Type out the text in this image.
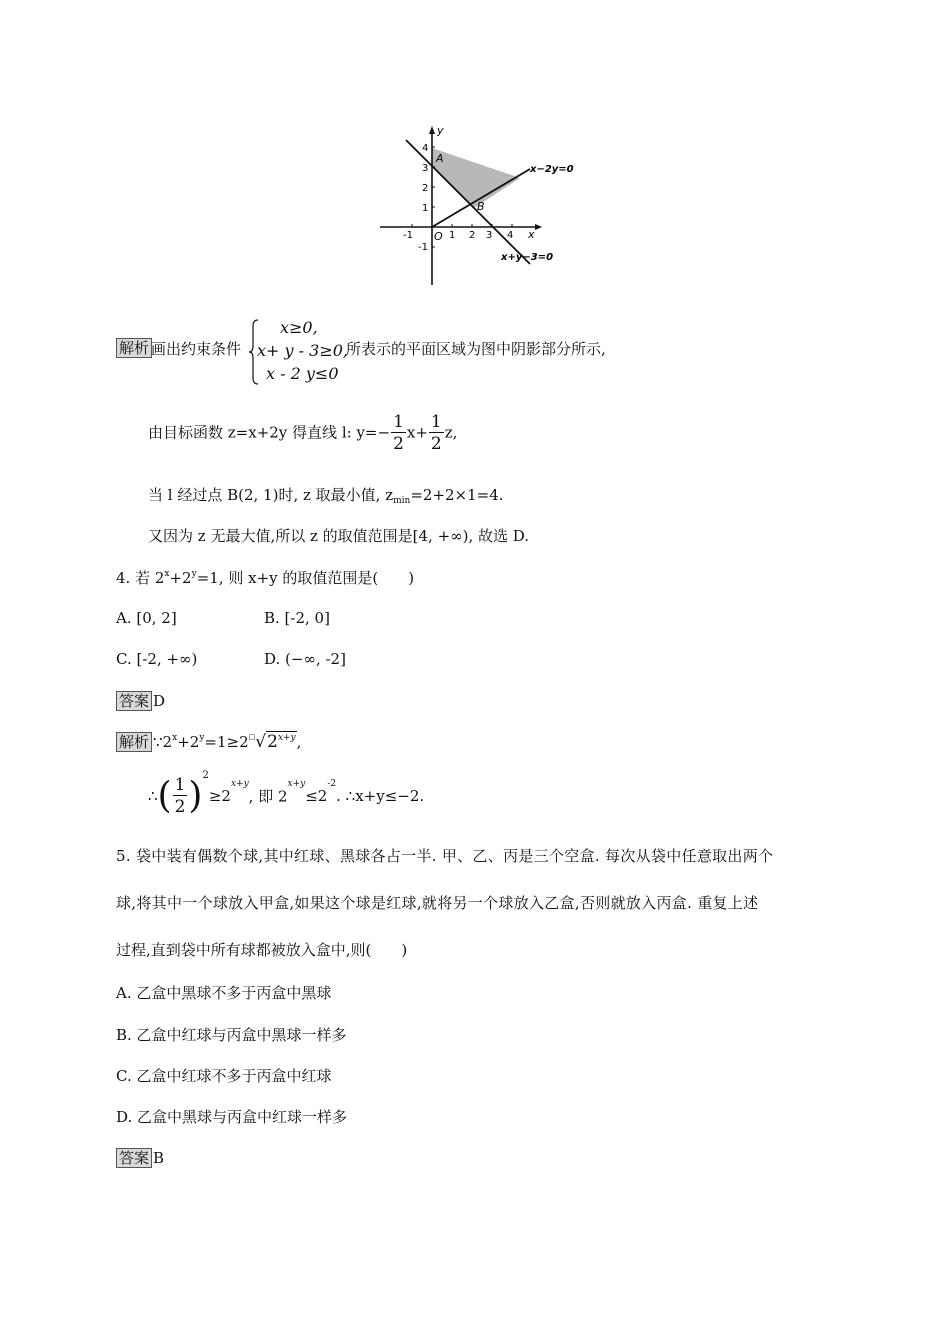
y
x
O
-1	1 2 3 4
4
3
2
1
-1
A
B
x−2y=0
x+y−3=0
解析 画出约束条件
x≥0,
x+ y - 3≥0,
x - 2 y≤0
所表示的平面区域为图中阴影部分所示,
由目标函数 z=x+2y 得直线 l: $y=- \frac{1}{2} x+ \frac{1}{2} z$,
当 l 经过点 B(2, 1)时, z 取最小值, $z_{min}=2+2\times 1=4$.
又因为 z 无最大值,所以 z 的取值范围是[4, +∞), 故选 D.
4. 若 $2^x+2^y=1$, 则 x+y 的取值范围是(　　)
A. [0, 2]	B. [-2, 0]
C. [-2, +∞)	D. (−∞, -2]
答案 D
解析 $\because 2^x+2^y=1\ge 2^□√2^{x+y}$,
∴( $\frac{1}{2} )^2\ge 2^{x+y}$, 即 $2^{x+y}\le 2^{-2}$. ∴x+y≤−2.
5. 袋中装有偶数个球,其中红球、黑球各占一半. 甲、乙、丙是三个空盒. 每次从袋中任意取出两个
球,将其中一个球放入甲盒,如果这个球是红球,就将另一个球放入乙盒,否则就放入丙盒. 重复上述
过程,直到袋中所有球都被放入盒中,则(　　)
A. 乙盒中黑球不多于丙盒中黑球
B. 乙盒中红球与丙盒中黑球一样多
C. 乙盒中红球不多于丙盒中红球
D. 乙盒中黑球与丙盒中红球一样多
答案 B
